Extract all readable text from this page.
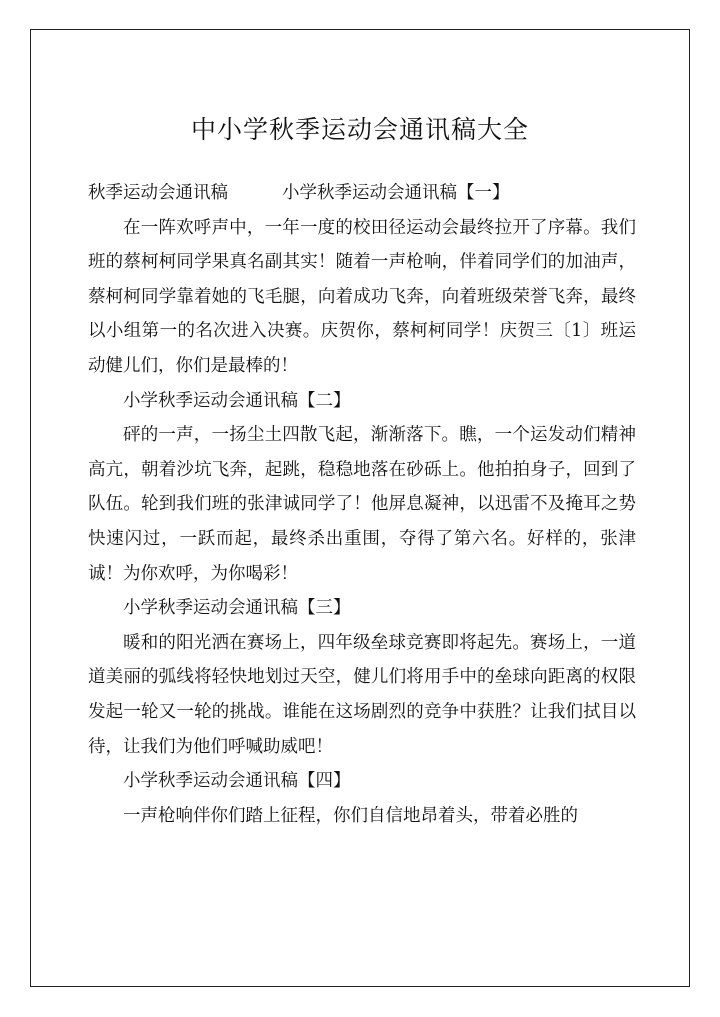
中小学秋季运动会通讯稿大全

秋季运动会通讯稿	小学秋季运动会通讯稿【一】

在一阵欢呼声中，一年一度的校田径运动会最终拉开了序幕。我们班的蔡柯柯同学果真名副其实！随着一声枪响，伴着同学们的加油声，蔡柯柯同学靠着她的飞毛腿，向着成功飞奔，向着班级荣誉飞奔，最终以小组第一的名次进入决赛。庆贺你，蔡柯柯同学！庆贺三〔1〕班运动健儿们，你们是最棒的！

小学秋季运动会通讯稿【二】

砰的一声，一扬尘土四散飞起，渐渐落下。瞧，一个运发动们精神高亢，朝着沙坑飞奔，起跳，稳稳地落在砂砾上。他拍拍身子，回到了队伍。轮到我们班的张津诚同学了！他屏息凝神，以迅雷不及掩耳之势快速闪过，一跃而起，最终杀出重围，夺得了第六名。好样的，张津诚！为你欢呼，为你喝彩！

小学秋季运动会通讯稿【三】

暖和的阳光洒在赛场上，四年级垒球竞赛即将起先。赛场上，一道道美丽的弧线将轻快地划过天空，健儿们将用手中的垒球向距离的权限发起一轮又一轮的挑战。谁能在这场剧烈的竞争中获胜？让我们拭目以待，让我们为他们呼喊助威吧！

小学秋季运动会通讯稿【四】

一声枪响伴你们踏上征程，你们自信地昂着头，带着必胜的
